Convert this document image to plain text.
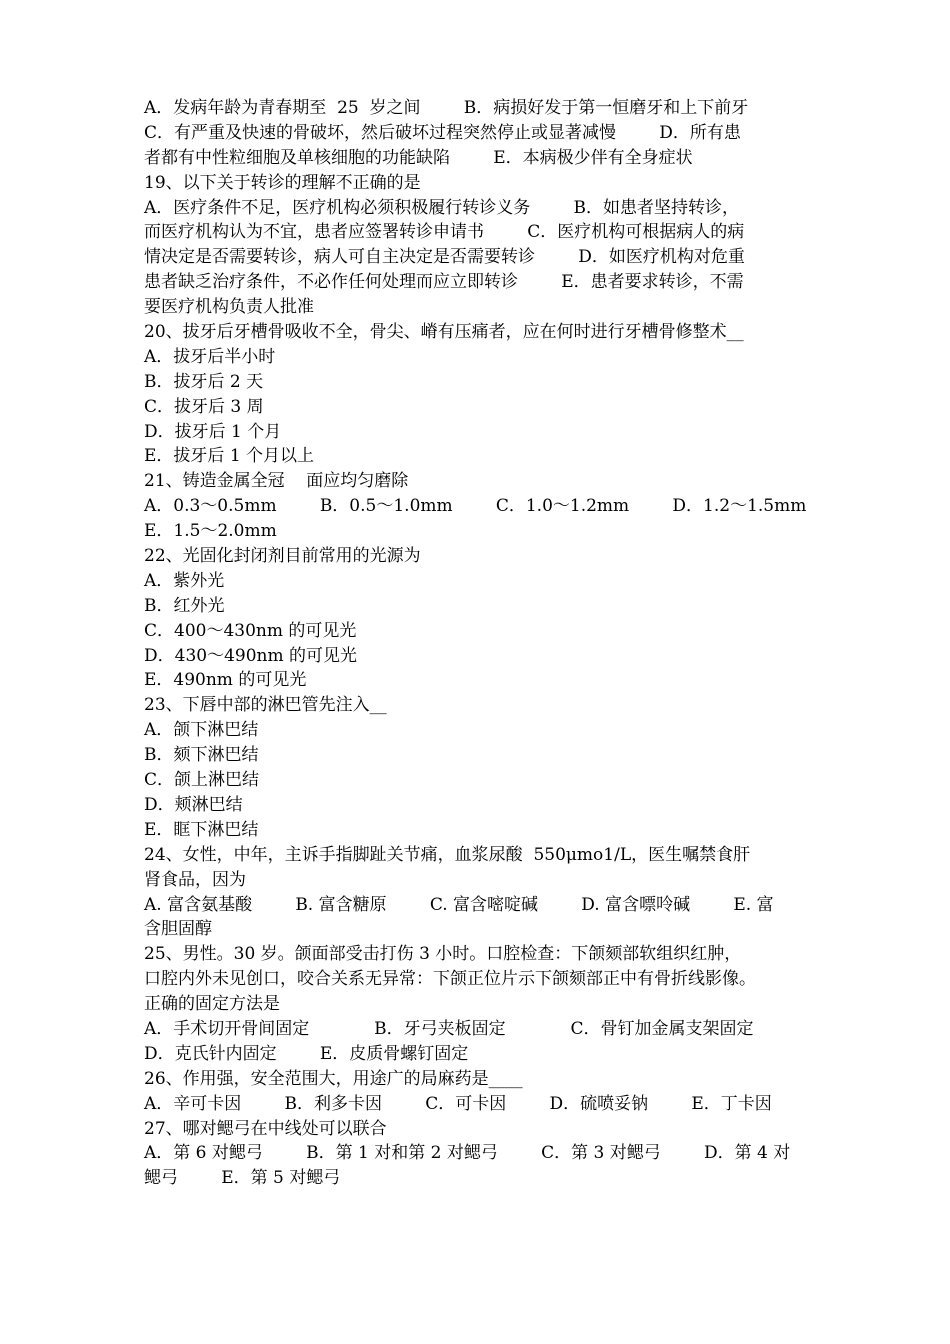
A．发病年龄为青春期至  25  岁之间        B．病损好发于第一恒磨牙和上下前牙
C．有严重及快速的骨破坏，然后破坏过程突然停止或显著减慢        D．所有患
者都有中性粒细胞及单核细胞的功能缺陷        E．本病极少伴有全身症状
19、以下关于转诊的理解不正确的是
A．医疗条件不足，医疗机构必须积极履行转诊义务        B．如患者坚持转诊，
而医疗机构认为不宜，患者应签署转诊申请书        C．医疗机构可根据病人的病
情决定是否需要转诊，病人可自主决定是否需要转诊        D．如医疗机构对危重
患者缺乏治疗条件，不必作任何处理而应立即转诊        E．患者要求转诊，不需
要医疗机构负责人批准
20、拔牙后牙槽骨吸收不全，骨尖、嵴有压痛者，应在何时进行牙槽骨修整术__
A．拔牙后半小时
B．拔牙后 2 天
C．拔牙后 3 周
D．拔牙后 1 个月
E．拔牙后 1 个月以上
21、铸造金属全冠    面应均匀磨除
A．0.3～0.5mm        B．0.5～1.0mm        C．1.0～1.2mm        D．1.2～1.5mm
E．1.5～2.0mm
22、光固化封闭剂目前常用的光源为
A．紫外光
B．红外光
C．400～430nm 的可见光
D．430～490nm 的可见光
E．490nm 的可见光
23、下唇中部的淋巴管先注入__
A．颌下淋巴结
B．颏下淋巴结
C．颌上淋巴结
D．颊淋巴结
E．眶下淋巴结
24、女性，中年，主诉手指脚趾关节痛，血浆尿酸  550μmo1/L，医生嘱禁食肝
肾食品，因为
A. 富含氨基酸        B. 富含糖原        C. 富含嘧啶碱        D. 富含嘌呤碱        E. 富
含胆固醇
25、男性。30 岁。颌面部受击打伤 3 小时。口腔检查：下颌颏部软组织红肿，
口腔内外未见创口，咬合关系无异常：下颌正位片示下颌颏部正中有骨折线影像。
正确的固定方法是
A．手术切开骨间固定            B．牙弓夹板固定            C．骨钉加金属支架固定
D．克氏针内固定        E．皮质骨螺钉固定
26、作用强，安全范围大，用途广的局麻药是____
A．辛可卡因        B．利多卡因        C．可卡因        D．硫喷妥钠        E．丁卡因
27、哪对鳃弓在中线处可以联合
A．第 6 对鳃弓        B．第 1 对和第 2 对鳃弓        C．第 3 对鳃弓        D．第 4 对
鳃弓        E．第 5 对鳃弓
